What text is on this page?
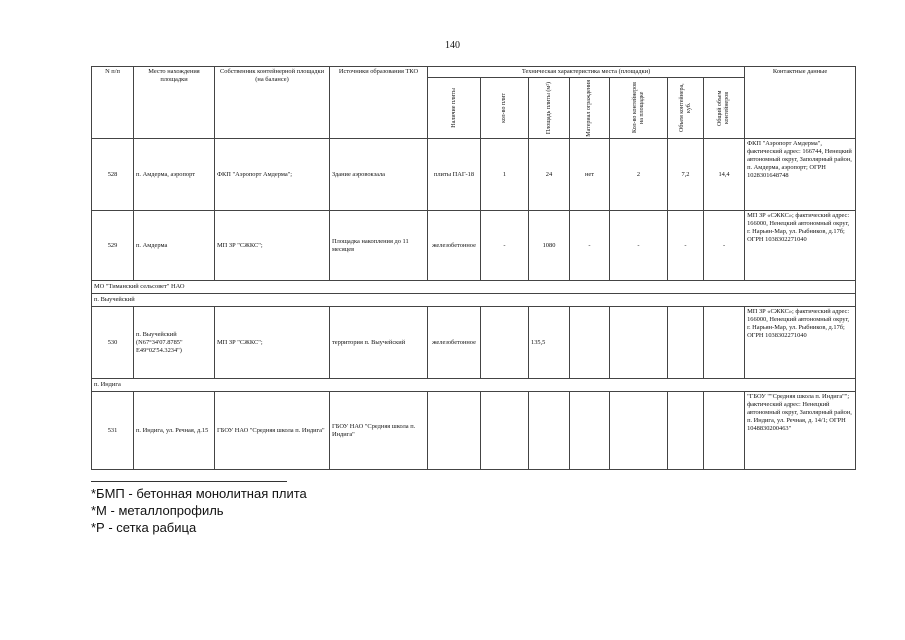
140
N п/п	Место нахождения площадки	Собственник контейнерной площадки (на балансе)	Источники образования ТКО	Техническая характеристика места (площадки)							Контактные данные

				Наличие плиты	кол-во плит	Площадь плиты (м²)	Материал ограждения	Кол-во контейнеров на площадке	Объем контейнера, куб.	Общий объем контейнеров	

528	п. Амдерма, аэропорт	ФКП "Аэропорт Амдерма";	Здание аэровокзала	плиты ПАГ-18	1	24	нет	2	7,2	14,4	ФКП "Аэропорт Амдерма", фактический адрес: 166744, Ненецкий автономный округ, Заполярный район, п. Амдерма, аэропорт; ОГРН 1028301648748
529	п. Амдерма	МП ЗР "СЖКС";	Площадка накопления до 11 месяцев	железобетонное	-	1080	-	-	-	-	МП ЗР «СЖКС»; фактический адрес: 166000, Ненецкий автономный округ, г. Нарьян-Мар, ул. Рыбников, д.17б; ОГРН 1038302271040
МО "Тиманский сельсовет" НАО											
п. Выучейский											
530	п. Выучейский (N67°34'07.8785" E49°02'54.3234")	МП ЗР "СЖКС";	территория п. Выучейский	железобетонное		135,5					МП ЗР «СЖКС»; фактический адрес: 166000, Ненецкий автономный округ, г. Нарьян-Мар, ул. Рыбников, д.17б; ОГРН 1038302271040
п. Индига											
531	п. Индига, ул. Речная, д.15	ГБОУ НАО "Средняя школа п. Индига"	ГБОУ НАО "Средняя школа п. Индига"								"ГБОУ ""Средняя школа п. Индига""; фактический адрес: Ненецкий автономный округ, Заполярный район, п. Индига, ул. Речная, д. 14/1; ОГРН 1048830200463"
*БМП - бетонная монолитная плита
*М - металлопрофиль
*Р - сетка рабица
